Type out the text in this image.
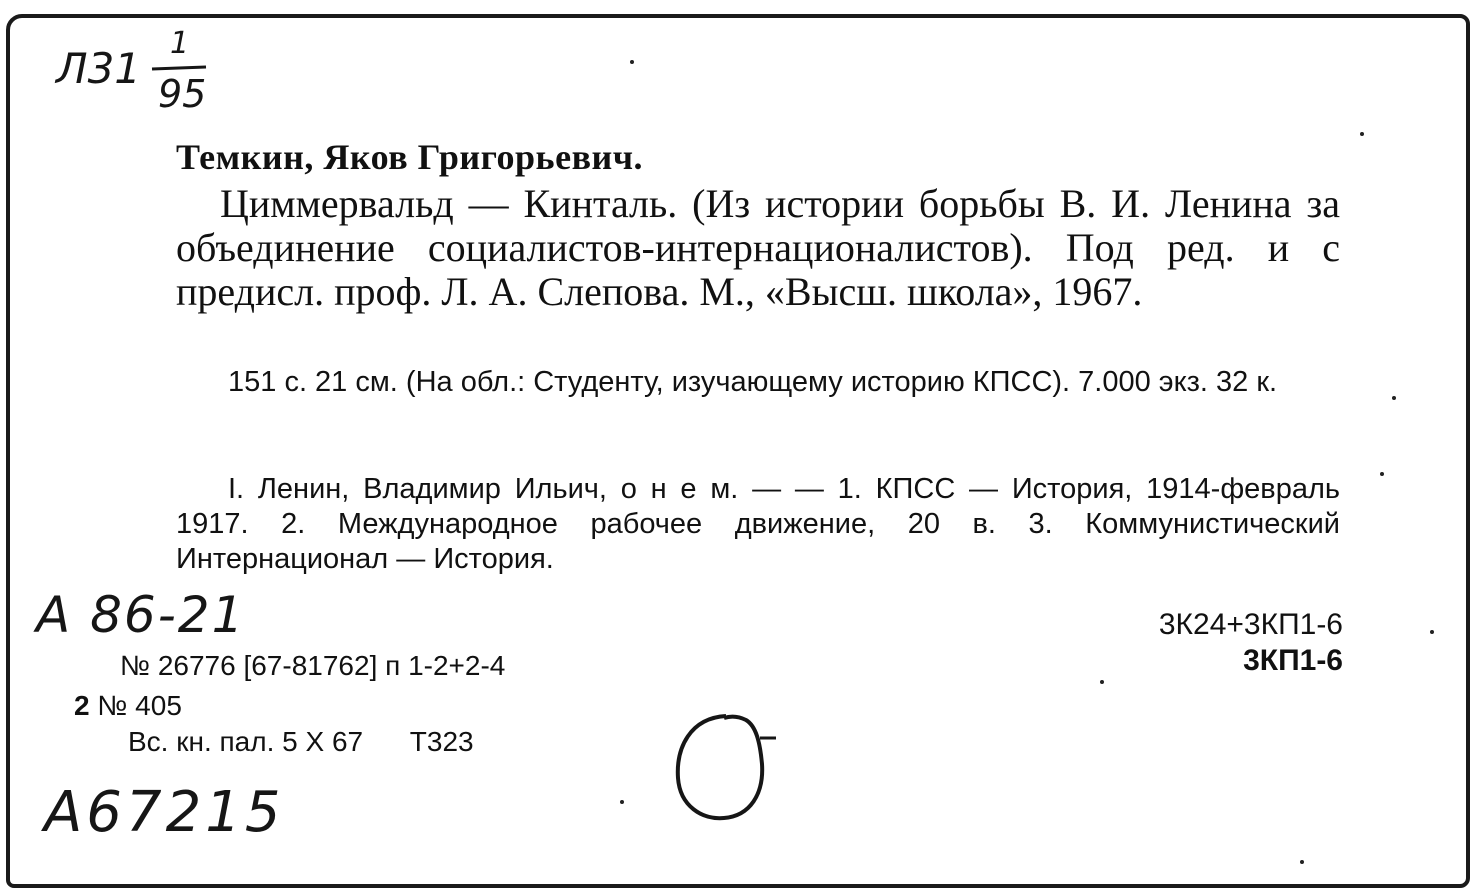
Л31
1
95
Темкин, Яков Григорьевич.
Циммервальд — Кинталь. (Из истории борьбы В. И. Ленина за объединение социалистов-интернационалистов). Под ред. и с предисл. проф. Л. А. Слепова. М., «Высш. школа», 1967.
151 с. 21 см. (На обл.: Студенту, изучающему историю КПСС). 7.000 экз. 32 к.
I. Ленин, Владимир Ильич, о н е м. — — 1. КПСС — История, 1914-февраль 1917. 2. Международное рабочее движение, 20 в. 3. Коммунистический Интернационал — История.
А 86-21	3К24+3КП1-6
3КП1-6
№ 26776 [67-81762] п 1-2+2-4
2 № 405
Вс. кн. пал. 5 X 67      Т323
А67215
